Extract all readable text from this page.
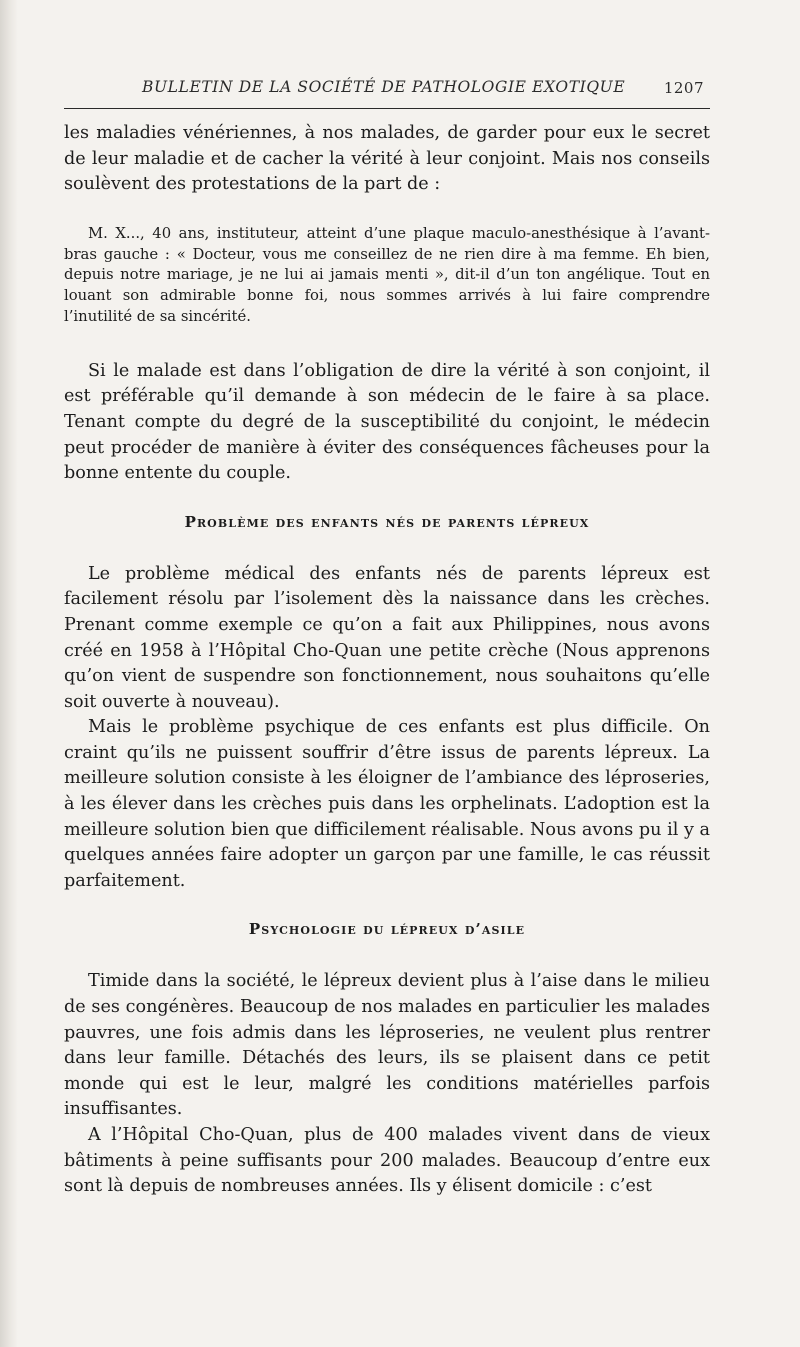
BULLETIN DE LA SOCIÉTÉ DE PATHOLOGIE EXOTIQUE	1207

les maladies vénériennes, à nos malades, de garder pour eux le secret de leur maladie et de cacher la vérité à leur conjoint. Mais nos conseils soulèvent des protestations de la part de :

M. X..., 40 ans, instituteur, atteint d’une plaque maculo-anesthésique à l’avant-bras gauche : « Docteur, vous me conseillez de ne rien dire à ma femme. Eh bien, depuis notre mariage, je ne lui ai jamais menti », dit-il d’un ton angélique. Tout en louant son admirable bonne foi, nous sommes arrivés à lui faire comprendre l’inutilité de sa sincérité.

Si le malade est dans l’obligation de dire la vérité à son conjoint, il est préférable qu’il demande à son médecin de le faire à sa place. Tenant compte du degré de la susceptibilité du conjoint, le médecin peut procéder de manière à éviter des conséquences fâcheuses pour la bonne entente du couple.

Problème des enfants nés de parents lépreux

Le problème médical des enfants nés de parents lépreux est facilement résolu par l’isolement dès la naissance dans les crèches. Prenant comme exemple ce qu’on a fait aux Philippines, nous avons créé en 1958 à l’Hôpital Cho-Quan une petite crèche (Nous apprenons qu’on vient de suspendre son fonctionnement, nous souhaitons qu’elle soit ouverte à nouveau).

Mais le problème psychique de ces enfants est plus difficile. On craint qu’ils ne puissent souffrir d’être issus de parents lépreux. La meilleure solution consiste à les éloigner de l’ambiance des léproseries, à les élever dans les crèches puis dans les orphelinats. L’adoption est la meilleure solution bien que difficilement réalisable. Nous avons pu il y a quelques années faire adopter un garçon par une famille, le cas réussit parfaitement.

Psychologie du lépreux d’asile

Timide dans la société, le lépreux devient plus à l’aise dans le milieu de ses congénères. Beaucoup de nos malades en particulier les malades pauvres, une fois admis dans les léproseries, ne veulent plus rentrer dans leur famille. Détachés des leurs, ils se plaisent dans ce petit monde qui est le leur, malgré les conditions matérielles parfois insuffisantes.

A l’Hôpital Cho-Quan, plus de 400 malades vivent dans de vieux bâtiments à peine suffisants pour 200 malades. Beaucoup d’entre eux sont là depuis de nombreuses années. Ils y élisent domicile : c’est
